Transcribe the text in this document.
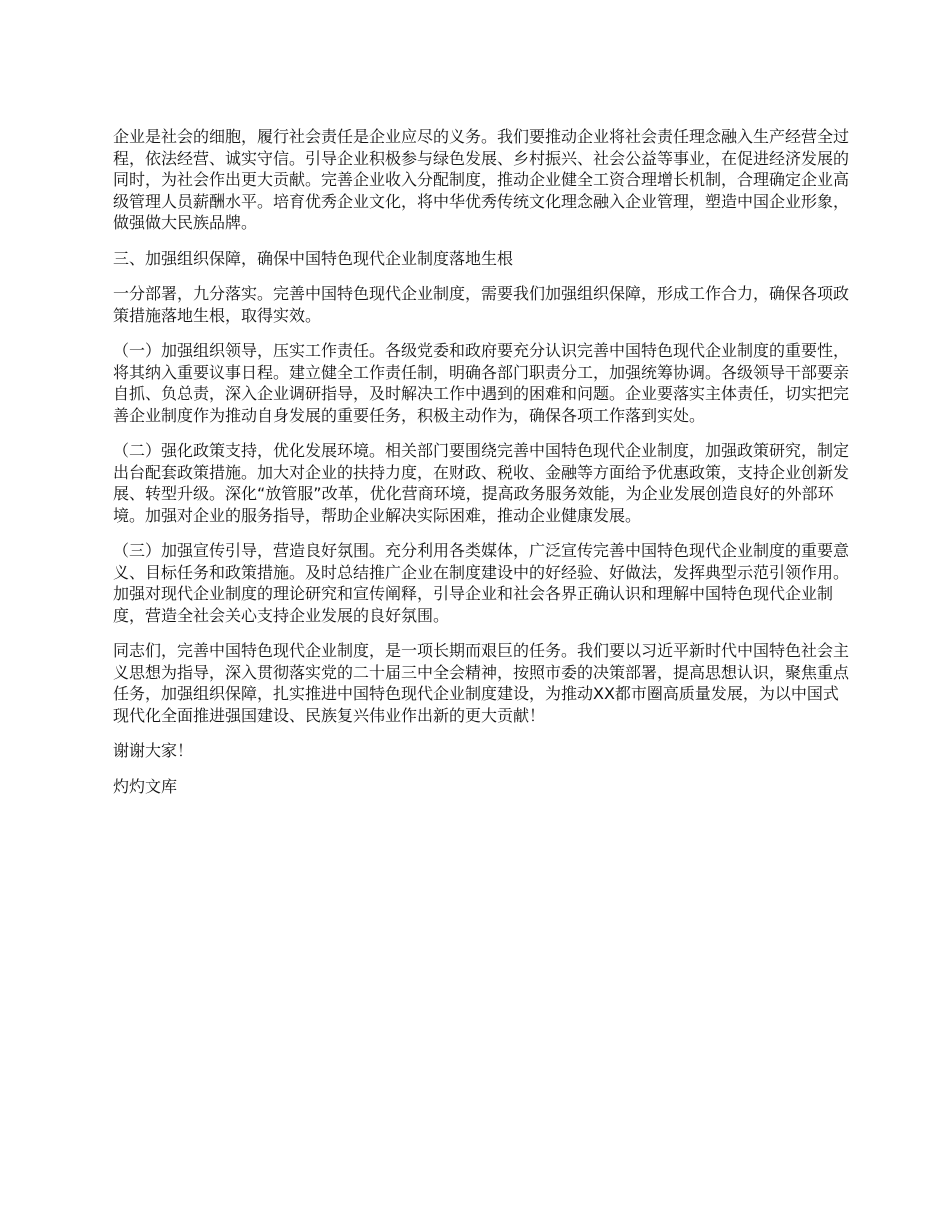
企业是社会的细胞，履行社会责任是企业应尽的义务。我们要推动企业将社会责任理念融入生产经营全过程，依法经营、诚实守信。引导企业积极参与绿色发展、乡村振兴、社会公益等事业，在促进经济发展的同时，为社会作出更大贡献。完善企业收入分配制度，推动企业健全工资合理增长机制，合理确定企业高级管理人员薪酬水平。培育优秀企业文化，将中华优秀传统文化理念融入企业管理，塑造中国企业形象，做强做大民族品牌。

三、加强组织保障，确保中国特色现代企业制度落地生根

一分部署，九分落实。完善中国特色现代企业制度，需要我们加强组织保障，形成工作合力，确保各项政策措施落地生根，取得实效。

（一）加强组织领导，压实工作责任。各级党委和政府要充分认识完善中国特色现代企业制度的重要性，将其纳入重要议事日程。建立健全工作责任制，明确各部门职责分工，加强统筹协调。各级领导干部要亲自抓、负总责，深入企业调研指导，及时解决工作中遇到的困难和问题。企业要落实主体责任，切实把完善企业制度作为推动自身发展的重要任务，积极主动作为，确保各项工作落到实处。

（二）强化政策支持，优化发展环境。相关部门要围绕完善中国特色现代企业制度，加强政策研究，制定出台配套政策措施。加大对企业的扶持力度，在财政、税收、金融等方面给予优惠政策，支持企业创新发展、转型升级。深化“放管服”改革，优化营商环境，提高政务服务效能，为企业发展创造良好的外部环境。加强对企业的服务指导，帮助企业解决实际困难，推动企业健康发展。

（三）加强宣传引导，营造良好氛围。充分利用各类媒体，广泛宣传完善中国特色现代企业制度的重要意义、目标任务和政策措施。及时总结推广企业在制度建设中的好经验、好做法，发挥典型示范引领作用。加强对现代企业制度的理论研究和宣传阐释，引导企业和社会各界正确认识和理解中国特色现代企业制度，营造全社会关心支持企业发展的良好氛围。

同志们，完善中国特色现代企业制度，是一项长期而艰巨的任务。我们要以习近平新时代中国特色社会主义思想为指导，深入贯彻落实党的二十届三中全会精神，按照市委的决策部署，提高思想认识，聚焦重点任务，加强组织保障，扎实推进中国特色现代企业制度建设，为推动XX都市圈高质量发展，为以中国式现代化全面推进强国建设、民族复兴伟业作出新的更大贡献！

谢谢大家！

灼灼文库
